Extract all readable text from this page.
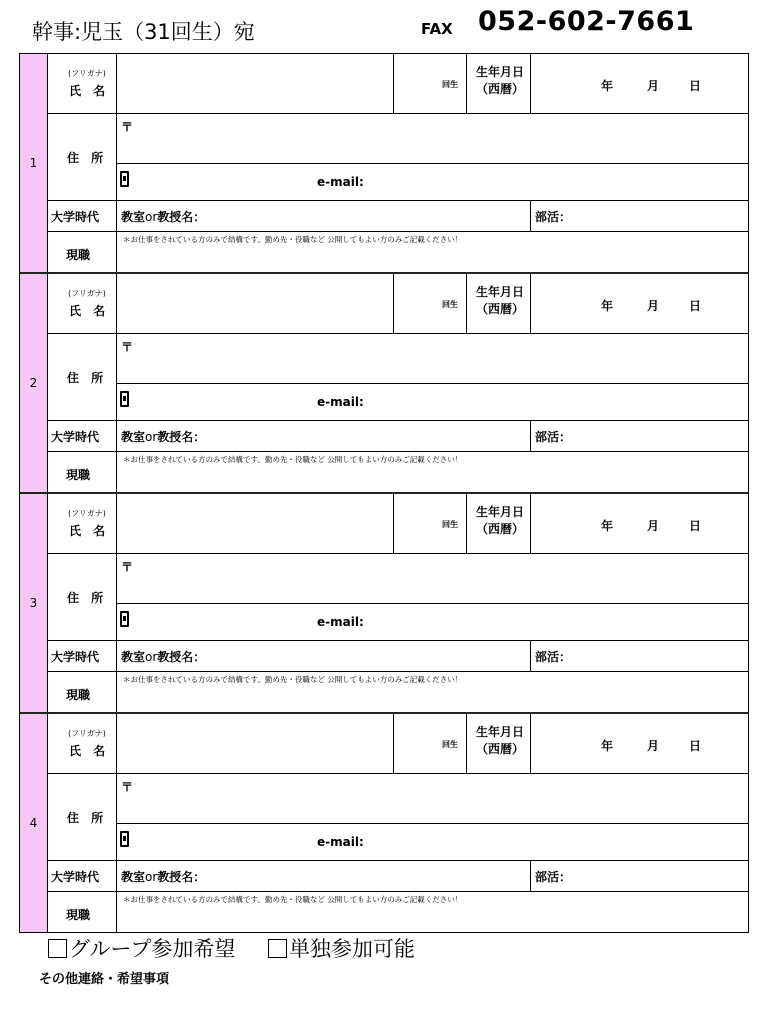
幹事:児玉（31回生）宛	FAX 052-602-7661
1
(フリガナ)
氏 名	回生
生年月日
（西暦）	年	月 日
住 所
〒
e-mail:
大学時代 教室or教授名：	部活：
現職
＊お仕事をされている方のみで結構です。勤め先・役職など 公開してもよい方のみご記載ください！
2
(フリガナ)
氏 名	回生
生年月日
（西暦）	年	月 日
住 所
〒
e-mail:
大学時代 教室or教授名：	部活：
現職
＊お仕事をされている方のみで結構です。勤め先・役職など 公開してもよい方のみご記載ください！
3
(フリガナ)
氏 名	回生
生年月日
（西暦）	年	月 日
住 所
〒
e-mail:
大学時代 教室or教授名：	部活：
現職
＊お仕事をされている方のみで結構です。勤め先・役職など 公開してもよい方のみご記載ください！
4
(フリガナ)
氏 名	回生
生年月日
（西暦）	年	月 日
住 所
〒
e-mail:
大学時代 教室or教授名：	部活：
現職
＊お仕事をされている方のみで結構です。勤め先・役職など 公開してもよい方のみご記載ください！
グループ参加希望	単独参加可能
その他連絡・希望事項
